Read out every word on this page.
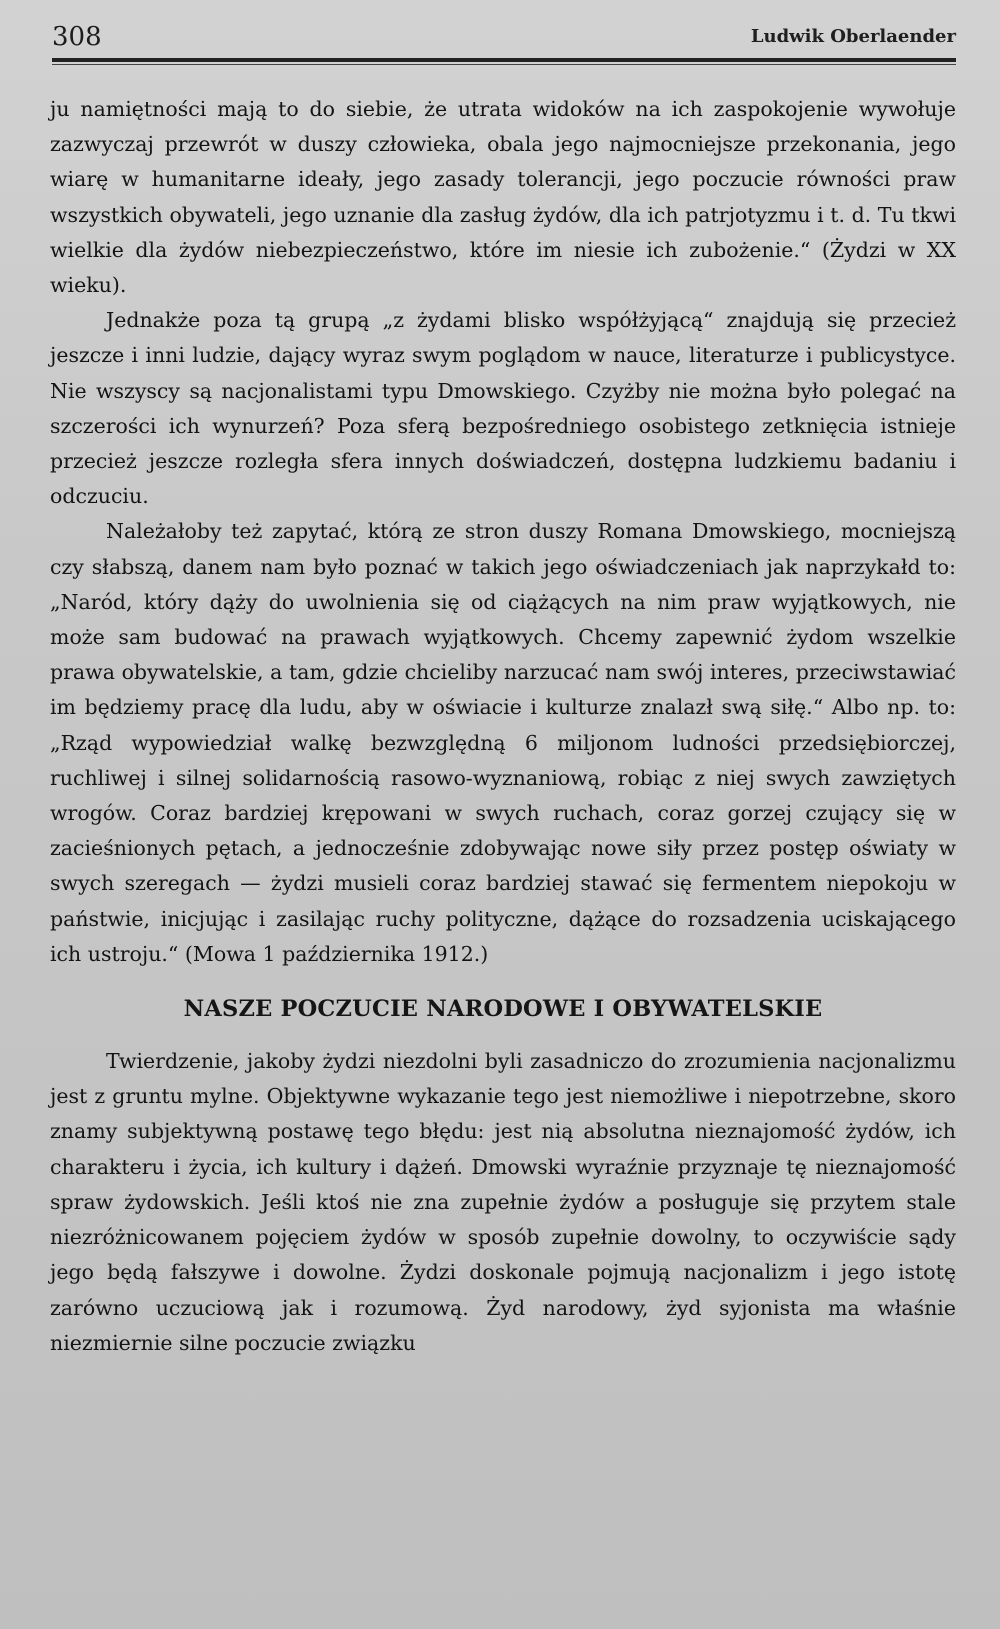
308	Ludwik Oberlaender

ju namiętności mają to do siebie, że utrata widoków na ich zaspokojenie wywołuje zazwyczaj przewrót w duszy człowieka, obala jego najmocniejsze przekonania, jego wiarę w humanitarne ideały, jego zasady tolerancji, jego poczucie równości praw wszystkich obywateli, jego uznanie dla zasług żydów, dla ich patrjotyzmu i t. d. Tu tkwi wielkie dla żydów niebezpieczeństwo, które im niesie ich zubożenie.“ (Żydzi w XX wieku).

Jednakże poza tą grupą „z żydami blisko współżyjącą“ znajdują się przecież jeszcze i inni ludzie, dający wyraz swym poglądom w nauce, literaturze i publicystyce. Nie wszyscy są nacjonalistami typu Dmowskiego. Czyżby nie można było polegać na szczerości ich wynurzeń? Poza sferą bezpośredniego osobistego zetknięcia istnieje przecież jeszcze rozległa sfera innych doświadczeń, dostępna ludzkiemu badaniu i odczuciu.

Należałoby też zapytać, którą ze stron duszy Romana Dmowskiego, mocniejszą czy słabszą, danem nam było poznać w takich jego oświadczeniach jak naprzykałd to: „Naród, który dąży do uwolnienia się od ciążących na nim praw wyjątkowych, nie może sam budować na prawach wyjątkowych. Chcemy zapewnić żydom wszelkie prawa obywatelskie, a tam, gdzie chcieliby narzucać nam swój interes, przeciwstawiać im będziemy pracę dla ludu, aby w oświacie i kulturze znalazł swą siłę.“ Albo np. to: „Rząd wypowiedział walkę bezwzględną 6 miljonom ludności przedsiębiorczej, ruchliwej i silnej solidarnością rasowo-wyznaniową, robiąc z niej swych zawziętych wrogów. Coraz bardziej krępowani w swych ruchach, coraz gorzej czujący się w zacieśnionych pętach, a jednocześnie zdobywając nowe siły przez postęp oświaty w swych szeregach — żydzi musieli coraz bardziej stawać się fermentem niepokoju w państwie, inicjując i zasilając ruchy polityczne, dążące do rozsadzenia uciskającego ich ustroju.“ (Mowa 1 października 1912.)

NASZE POCZUCIE NARODOWE I OBYWATELSKIE

Twierdzenie, jakoby żydzi niezdolni byli zasadniczo do zrozumienia nacjonalizmu jest z gruntu mylne. Objektywne wykazanie tego jest niemożliwe i niepotrzebne, skoro znamy subjektywną postawę tego błędu: jest nią absolutna nieznajomość żydów, ich charakteru i życia, ich kultury i dążeń. Dmowski wyraźnie przyznaje tę nieznajomość spraw żydowskich. Jeśli ktoś nie zna zupełnie żydów a posługuje się przytem stale niezróżnicowanem pojęciem żydów w sposób zupełnie dowolny, to oczywiście sądy jego będą fałszywe i dowolne. Żydzi doskonale pojmują nacjonalizm i jego istotę zarówno uczuciową jak i rozumową. Żyd narodowy, żyd syjonista ma właśnie niezmiernie silne poczucie związku
